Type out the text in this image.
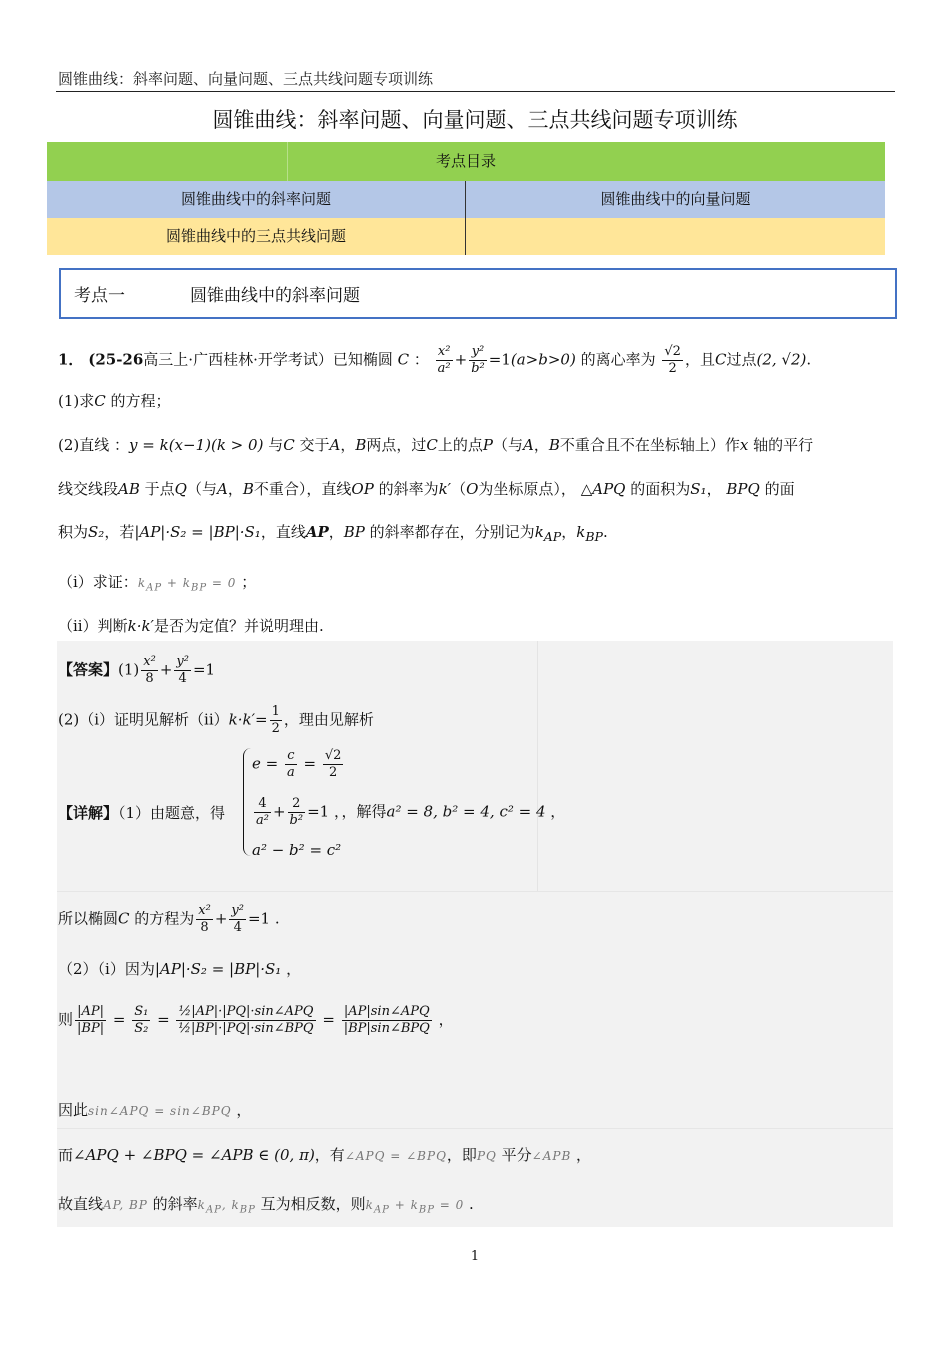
圆锥曲线：斜率问题、向量问题、三点共线问题专项训练
圆锥曲线：斜率问题、向量问题、三点共线问题专项训练
考点目录
圆锥曲线中的斜率问题	圆锥曲线中的向量问题
圆锥曲线中的三点共线问题
考点一	圆锥曲线中的斜率问题
1． (25-26高三上·广西桂林·开学考试）已知椭圆 C ： $\frac{\text{x²}}{\text{a²}} + \frac{\text{y²}}{\text{b²}} =1(a>b>0)$ 的离心率为 $\frac{√2}{2}$ ，且C过点(2, √2).
(1)求C 的方程；
(2)直线 ：y = k(x−1)(k > 0) 与C 交于A，B两点，过C上的点P（与A，B不重合且不在坐标轴上）作x 轴的平行
线交线段AB 于点Q（与A，B不重合），直线OP 的斜率为k′（O为坐标原点）， △APQ 的面积为S₁， BPQ 的面
积为S₂，若|AP|·S₂ = |BP|·S₁，直线AP，BP 的斜率都存在，分别记为$k_{AP}$，$k_{BP}$.
（i）求证：$k_{AP} + k_{BP} = 0$ ；
（ii）判断k·k′是否为定值？并说明理由.
【答案】$(1) \frac{\text{x²}}{8} + \frac{\text{y²}}{4} =1$
(2)（i）证明见解析$(ii)k\cdot k'= \frac{1}{2}$ ，理由见解析
$e = \frac{c}{a} = \frac{√2}{2}$
【详解】（1）由题意，得 $\frac{4}{\text{a²}} + \frac{2}{\text{b²}} =1$ ，，解得a² = 8, b² = 4, c² = 4 ，
a² − b² = c²
所以椭圆C 的方程为 $\frac{\text{x²}}{8} + \frac{\text{y²}}{4} =1$ .
（2）（i）因为|AP|·S₂ = |BP|·S₁ ，
则 $\frac{|AP|}{|BP|} = \frac{\text{S₁}}{\text{S₂}} = \frac{\text{½|AP|·|PQ|·sin∠APQ}}{\text{½|BP|·|PQ|·sin∠BPQ}} = \frac{\text{|AP|sin∠APQ}}{\text{|BP|sin∠BPQ}}$ ，
因此sin∠APQ = sin∠BPQ ，
而∠APQ + ∠BPQ = ∠APB ∈ (0, π)，有∠APQ = ∠BPQ，即PQ 平分∠APB ，
故直线AP, BP 的斜率$k_{AP}$, $k_{BP}$ 互为相反数，则$k_{AP} + k_{BP} = 0$ .
1
